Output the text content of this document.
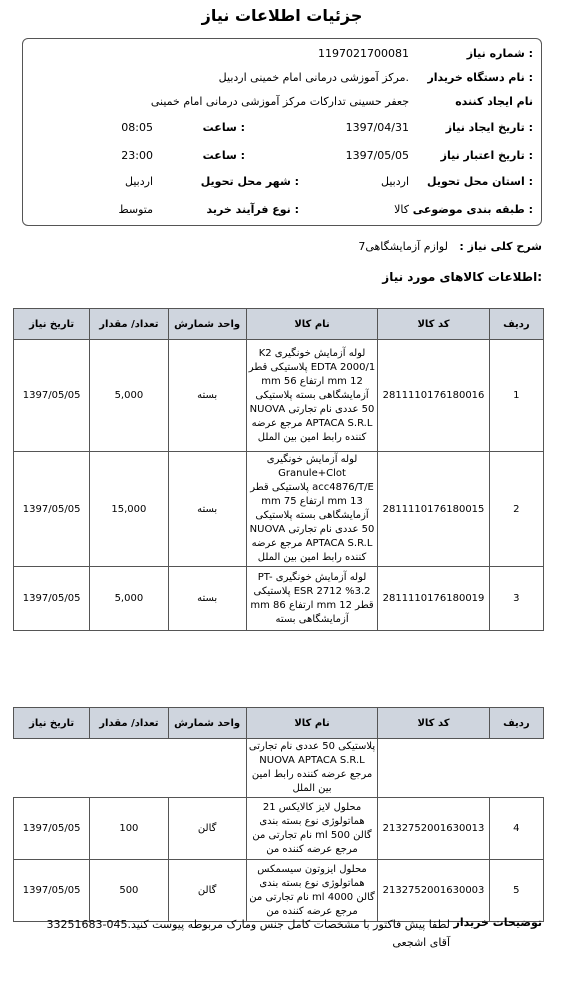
جزئیات اطلاعات نیاز
شماره نیاز :
1197021700081
نام دستگاه خریدار :
مرکز آموزشی درمانی امام خمینی اردبیل.
نام ایجاد کننده
جعفر حسینی تدارکات مرکز آموزشی درمانی امام خمینی
تاریخ ایجاد نیاز :
1397/04/31
ساعت :
08:05
تاریخ اعتبار نیاز :
1397/05/05
ساعت :
23:00
استان محل تحویل :
اردبیل
شهر محل تحویل :
اردبیل
طبقه بندی موضوعی :
کالا
نوع فرآیند خرید :
متوسط
شرح کلی نیاز : لوازم آزمایشگاهی7
اطلاعات کالاهای مورد نیاز:
ردیف	کد کالا	نام کالا	واحد شمارش	تعداد/ مقدار	تاریخ نیاز
1	2811110176180016	لوله آزمایش خونگیری K2 EDTA 2000/1 پلاستیکی قطر 12 mm ارتفاع 56 mm آزمایشگاهی بسته پلاستیکی 50 عددی نام تجارتی NUOVA APTACA S.R.L مرجع عرضه کننده رابط امین بین الملل	بسته	5,000	1397/05/05
2	2811110176180015	لوله آزمایش خونگیری Granule+Clot acc4876/T/E پلاستیکی قطر 13 mm ارتفاع 75 mm آزمایشگاهی بسته پلاستیکی 50 عددی نام تجارتی NUOVA APTACA S.R.L مرجع عرضه کننده رابط امین بین الملل	بسته	15,000	1397/05/05
3	2811110176180019	لوله آزمایش خونگیری PT-ESR 2712 %3.2 پلاستیکی قطر 12 mm ارتفاع 86 mm آزمایشگاهی بسته	بسته	5,000	1397/05/05
ردیف	کد کالا	نام کالا	واحد شمارش	تعداد/ مقدار	تاریخ نیاز
		پلاستیکی 50 عددی نام تجارتی NUOVA APTACA S.R.L مرجع عرضه کننده رابط امین بین الملل			
4	2132752001630013	محلول لایز کالایکس 21 هماتولوژی نوع بسته بندی گالن 500 ml نام تجارتی من مرجع عرضه کننده من	گالن	100	1397/05/05
5	2132752001630003	محلول ایزوتون سیسمکس هماتولوژی نوع بسته بندی گالن 4000 ml نام تجارتی من مرجع عرضه کننده من	گالن	500	1397/05/05
توضیحات خریدار
لطفا پیش فاکتور با مشخصات کامل جنس ومارک مربوطه پیوست کنید.045-33251683 آقای اشجعی
